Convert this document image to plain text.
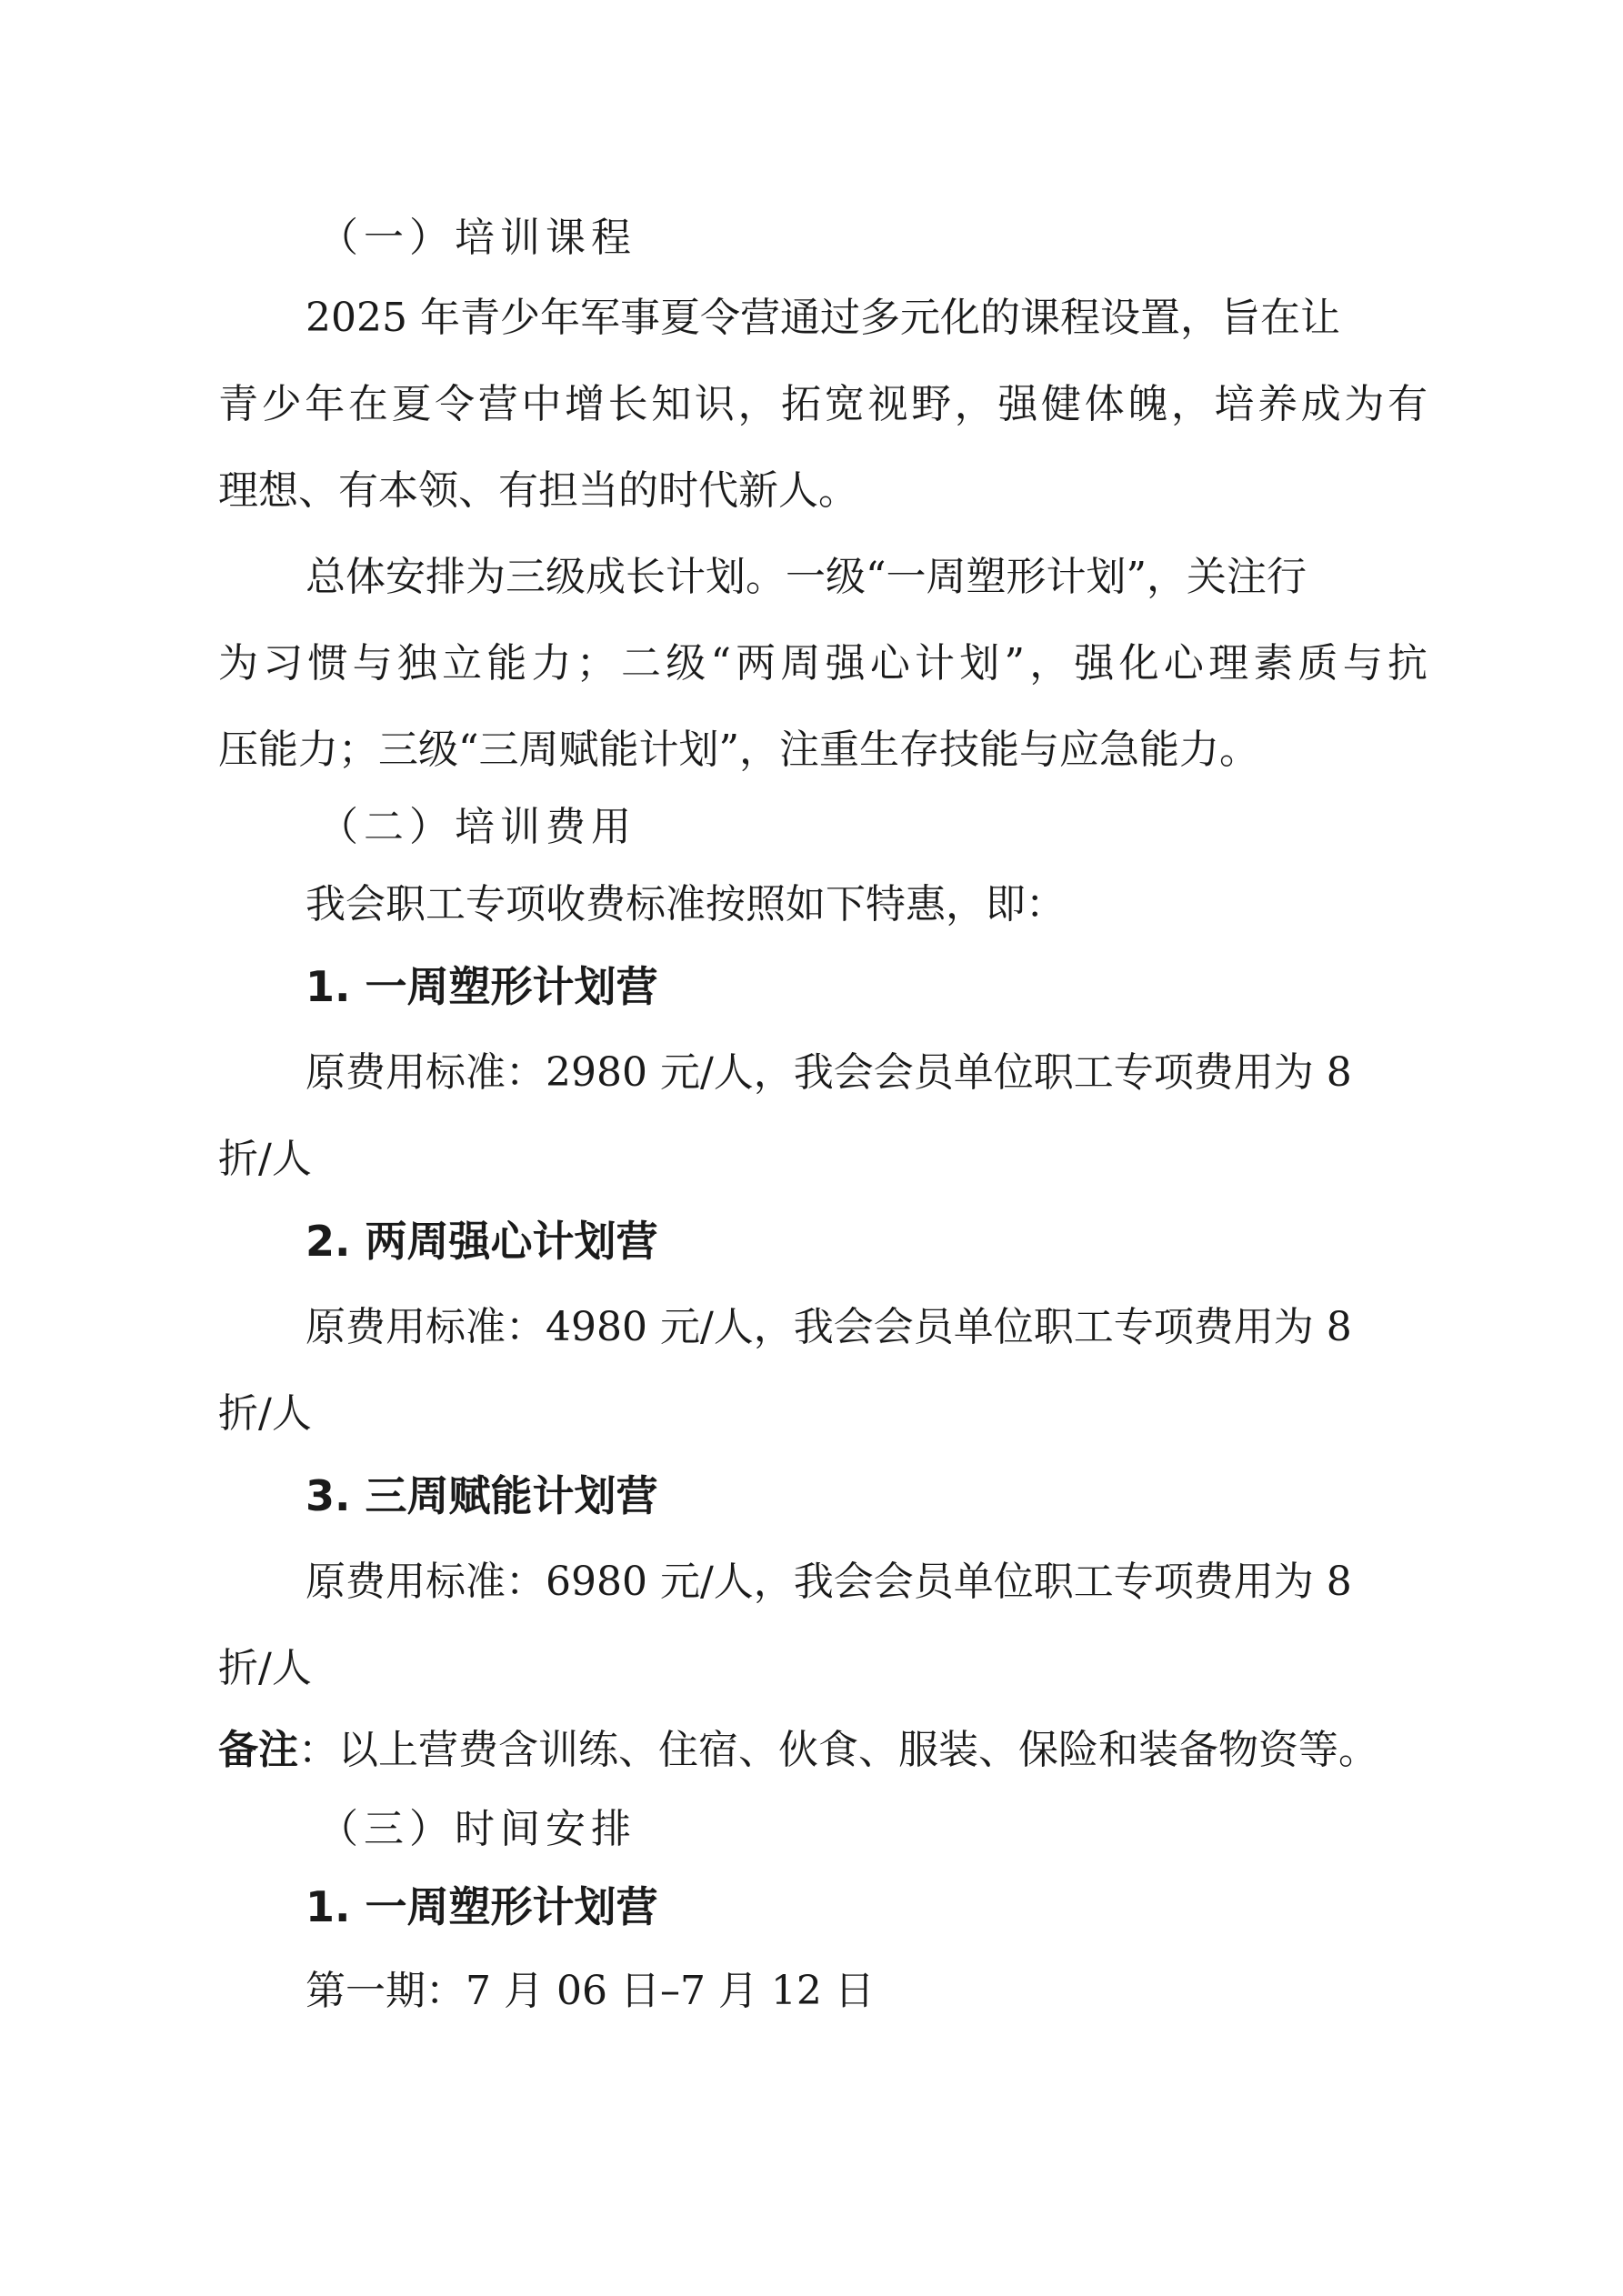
（一）培训课程
2025 年青少年军事夏令营通过多元化的课程设置，旨在让
青少年在夏令营中增长知识，拓宽视野，强健体魄，培养成为有
理想、有本领、有担当的时代新人。
总体安排为三级成长计划。一级“一周塑形计划”，关注行
为习惯与独立能力；二级“两周强心计划”，强化心理素质与抗
压能力；三级“三周赋能计划”，注重生存技能与应急能力。
（二）培训费用
我会职工专项收费标准按照如下特惠，即：
1. 一周塑形计划营
原费用标准：2980 元/人，我会会员单位职工专项费用为 8
折/人
2. 两周强心计划营
原费用标准：4980 元/人，我会会员单位职工专项费用为 8
折/人
3. 三周赋能计划营
原费用标准：6980 元/人，我会会员单位职工专项费用为 8
折/人
备注：以上营费含训练、住宿、伙食、服装、保险和装备物资等。
（三）时间安排
1. 一周塑形计划营
第一期：7 月 06 日–7 月 12 日
